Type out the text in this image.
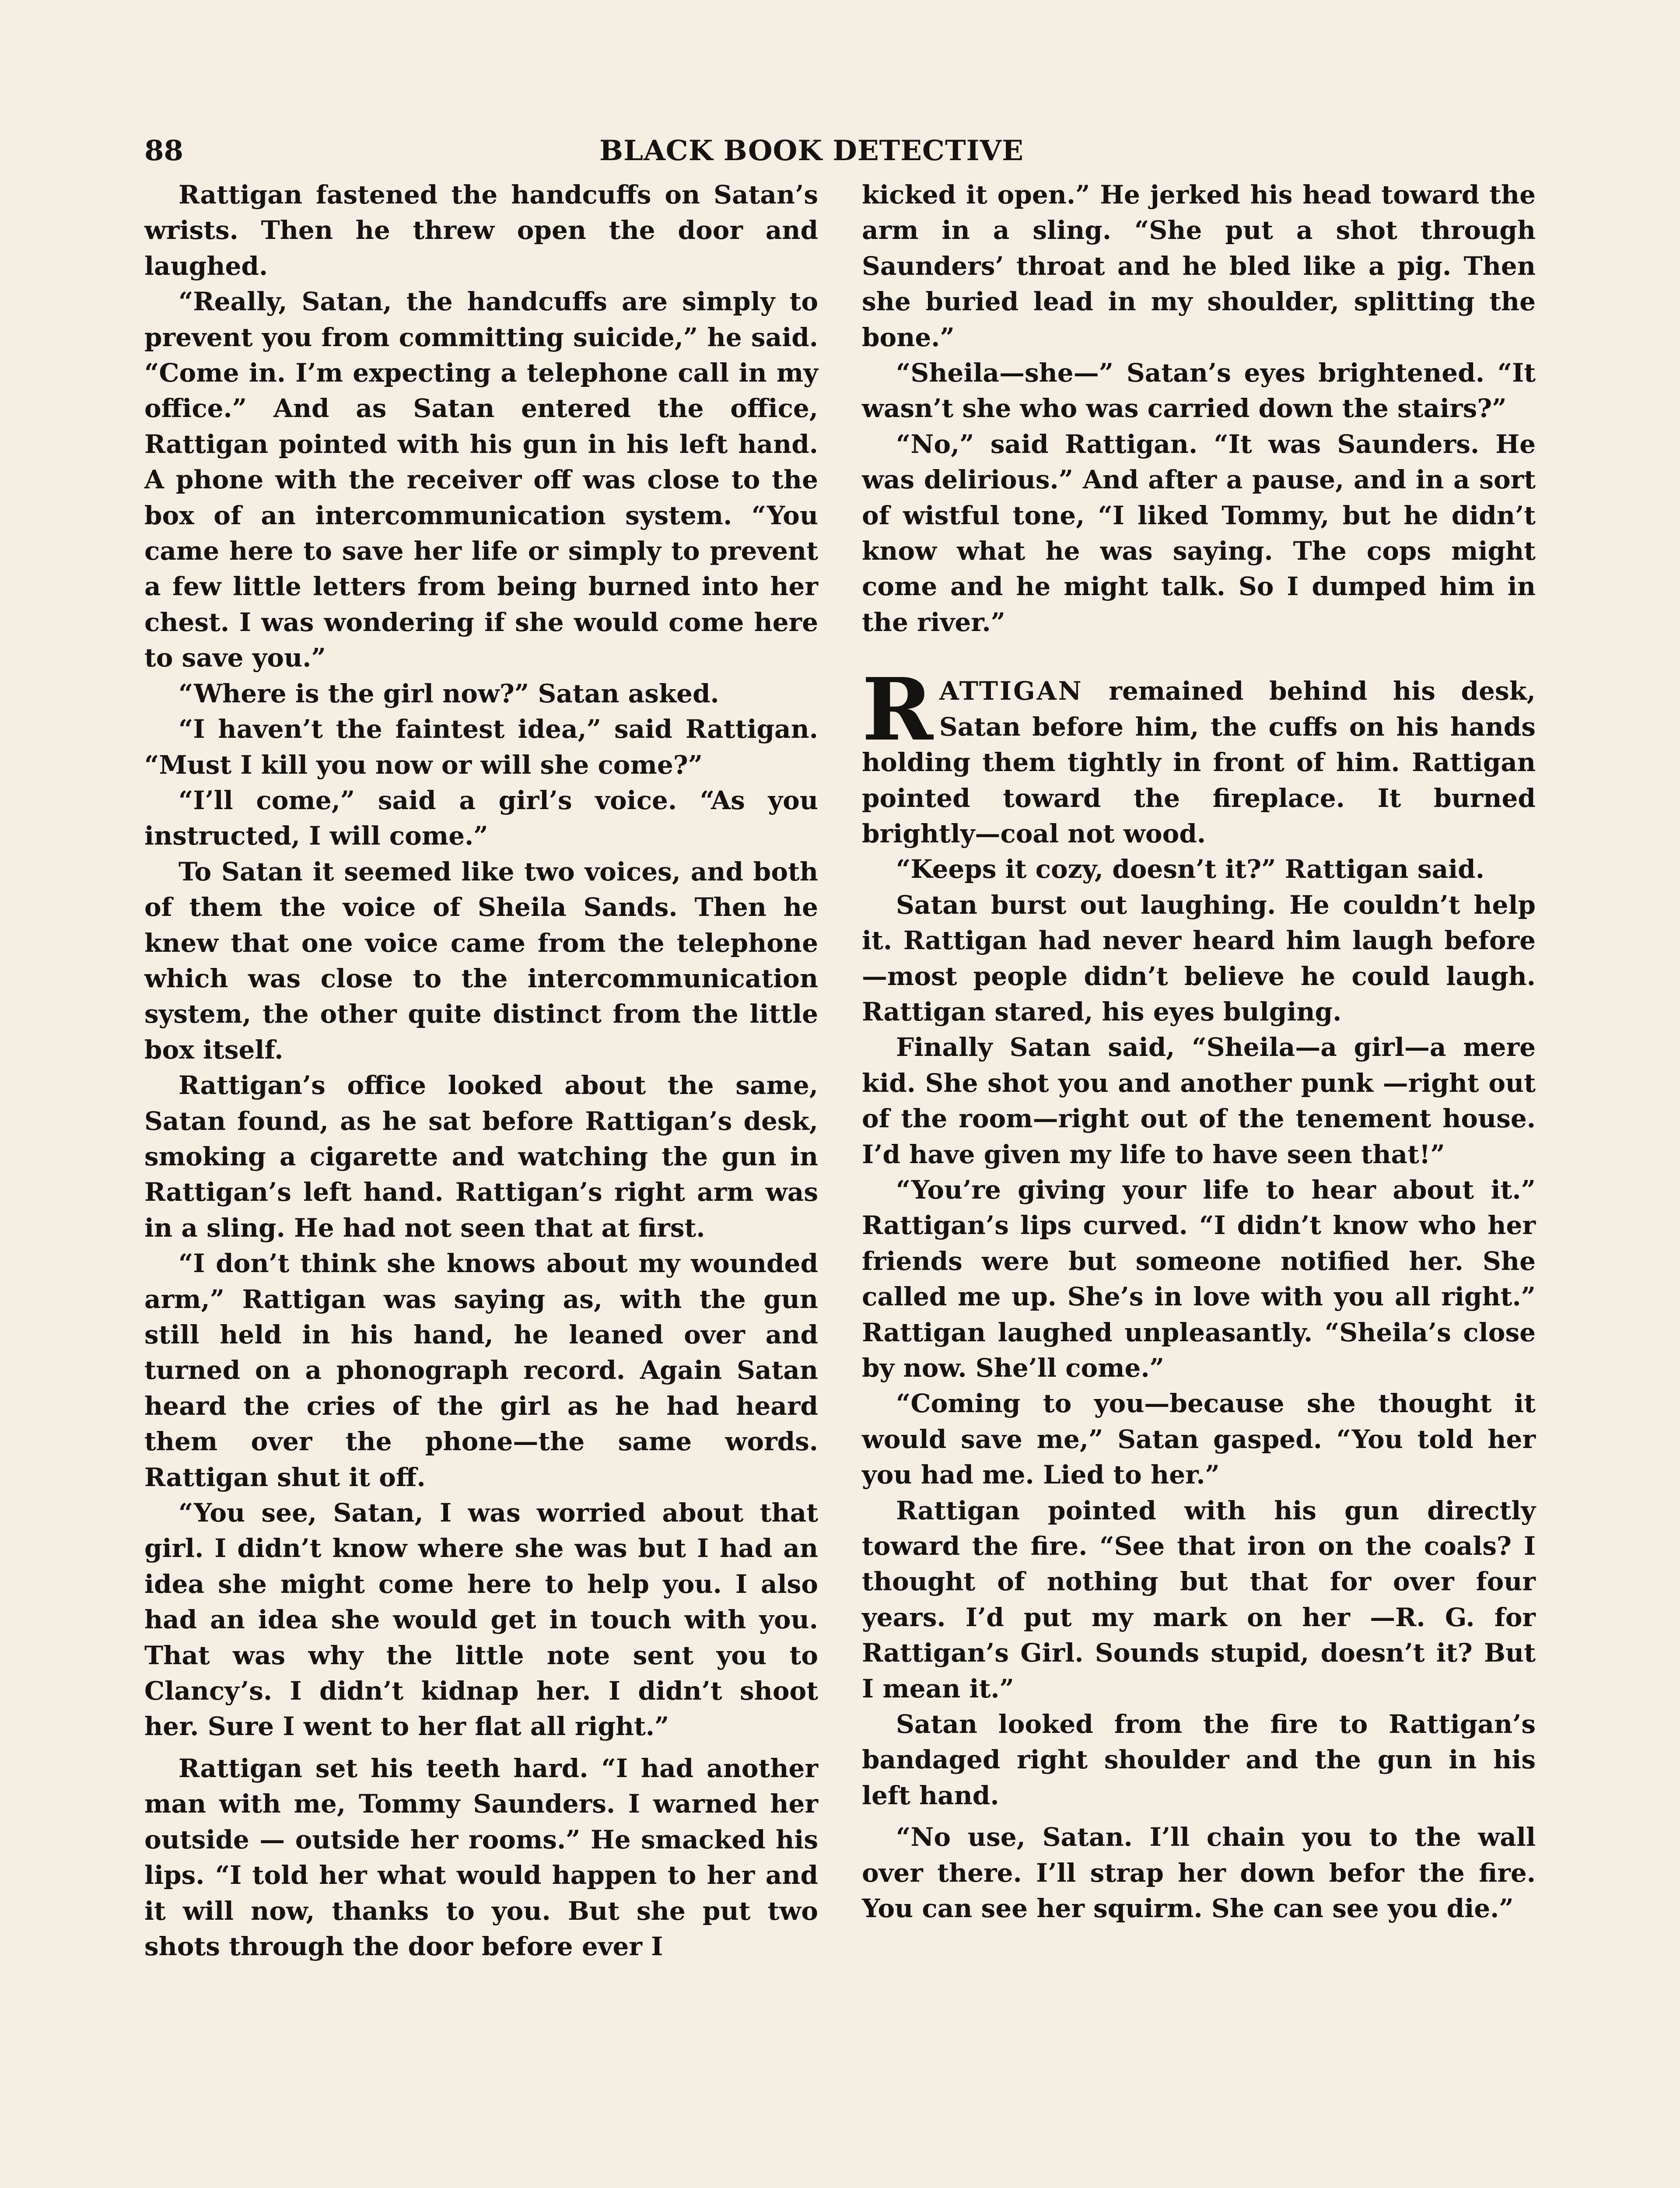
88	BLACK BOOK DETECTIVE

Rattigan fastened the handcuffs on Satan’s wrists. Then he threw open the door and laughed.

“Really, Satan, the handcuffs are simply to prevent you from committing suicide,” he said. “Come in. I’m expecting a telephone call in my office.” And as Satan entered the office, Rattigan pointed with his gun in his left hand. A phone with the receiver off was close to the box of an intercommunication system. “You came here to save her life or simply to prevent a few little letters from being burned into her chest. I was wondering if she would come here to save you.”

“Where is the girl now?” Satan asked.

“I haven’t the faintest idea,” said Rattigan. “Must I kill you now or will she come?”

“I’ll come,” said a girl’s voice. “As you instructed, I will come.”

To Satan it seemed like two voices, and both of them the voice of Sheila Sands. Then he knew that one voice came from the telephone which was close to the intercommunication system, the other quite distinct from the little box itself.

Rattigan’s office looked about the same, Satan found, as he sat before Rattigan’s desk, smoking a cigarette and watching the gun in Rattigan’s left hand. Rattigan’s right arm was in a sling. He had not seen that at first.

“I don’t think she knows about my wounded arm,” Rattigan was saying as, with the gun still held in his hand, he leaned over and turned on a phonograph record. Again Satan heard the cries of the girl as he had heard them over the phone—the same words. Rattigan shut it off.

“You see, Satan, I was worried about that girl. I didn’t know where she was but I had an idea she might come here to help you. I also had an idea she would get in touch with you. That was why the little note sent you to Clancy’s. I didn’t kidnap her. I didn’t shoot her. Sure I went to her flat all right.”

Rattigan set his teeth hard. “I had another man with me, Tommy Saunders. I warned her outside — outside her rooms.” He smacked his lips. “I told her what would happen to her and it will now, thanks to you. But she put two shots through the door before ever I

kicked it open.” He jerked his head toward the arm in a sling. “She put a shot through Saunders’ throat and he bled like a pig. Then she buried lead in my shoulder, splitting the bone.”

“Sheila—she—” Satan’s eyes brightened. “It wasn’t she who was carried down the stairs?”

“No,” said Rattigan. “It was Saunders. He was delirious.” And after a pause, and in a sort of wistful tone, “I liked Tommy, but he didn’t know what he was saying. The cops might come and he might talk. So I dumped him in the river.”

RATTIGAN remained behind his desk, Satan before him, the cuffs on his hands holding them tightly in front of him. Rattigan pointed toward the fireplace. It burned brightly—coal not wood.

“Keeps it cozy, doesn’t it?” Rattigan said.

Satan burst out laughing. He couldn’t help it. Rattigan had never heard him laugh before—most people didn’t believe he could laugh. Rattigan stared, his eyes bulging.

Finally Satan said, “Sheila—a girl—a mere kid. She shot you and another punk —right out of the room—right out of the tenement house. I’d have given my life to have seen that!”

“You’re giving your life to hear about it.” Rattigan’s lips curved. “I didn’t know who her friends were but someone notified her. She called me up. She’s in love with you all right.” Rattigan laughed unpleasantly. “Sheila’s close by now. She’ll come.”

“Coming to you—because she thought it would save me,” Satan gasped. “You told her you had me. Lied to her.”

Rattigan pointed with his gun directly toward the fire. “See that iron on the coals? I thought of nothing but that for over four years. I’d put my mark on her —R. G. for Rattigan’s Girl. Sounds stupid, doesn’t it? But I mean it.”

Satan looked from the fire to Rattigan’s bandaged right shoulder and the gun in his left hand.

“No use, Satan. I’ll chain you to the wall over there. I’ll strap her down befor the fire. You can see her squirm. She can see you die.”
